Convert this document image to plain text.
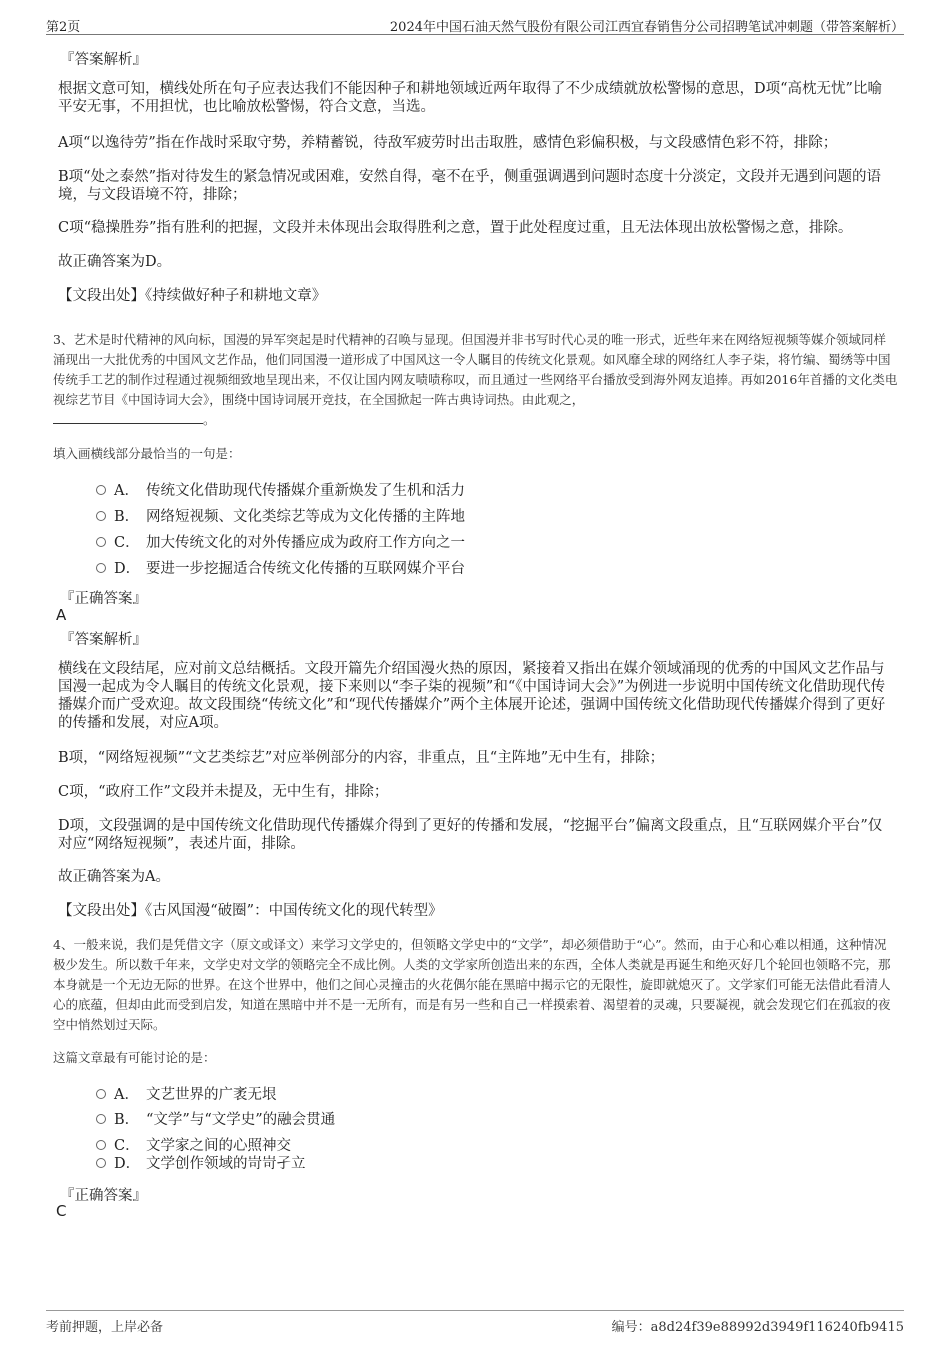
第2页	2024年中国石油天然气股份有限公司江西宜春销售分公司招聘笔试冲刺题（带答案解析）
『答案解析』
根据文意可知，横线处所在句子应表达我们不能因种子和耕地领域近两年取得了不少成绩就放松警惕的意思，D项“高枕无忧”比喻平安无事，不用担忧，也比喻放松警惕，符合文意，当选。
A项“以逸待劳”指在作战时采取守势，养精蓄锐，待敌军疲劳时出击取胜，感情色彩偏积极，与文段感情色彩不符，排除；
B项“处之泰然”指对待发生的紧急情况或困难，安然自得，毫不在乎，侧重强调遇到问题时态度十分淡定，文段并无遇到问题的语境，与文段语境不符，排除；
C项“稳操胜券”指有胜利的把握，文段并未体现出会取得胜利之意，置于此处程度过重，且无法体现出放松警惕之意，排除。
故正确答案为D。
【文段出处】《持续做好种子和耕地文章》
3、艺术是时代精神的风向标，国漫的异军突起是时代精神的召唤与显现。但国漫并非书写时代心灵的唯一形式，近些年来在网络短视频等媒介领域同样涌现出一大批优秀的中国风文艺作品，他们同国漫一道形成了中国风这一令人瞩目的传统文化景观。如风靡全球的网络红人李子柒，将竹编、蜀绣等中国传统手工艺的制作过程通过视频细致地呈现出来，不仅让国内网友啧啧称叹，而且通过一些网络平台播放受到海外网友追捧。再如2016年首播的文化类电视综艺节目《中国诗词大会》，围绕中国诗词展开竞技，在全国掀起一阵古典诗词热。由此观之，
。
填入画横线部分最恰当的一句是：
A． 传统文化借助现代传播媒介重新焕发了生机和活力
B． 网络短视频、文化类综艺等成为文化传播的主阵地
C． 加大传统文化的对外传播应成为政府工作方向之一
D． 要进一步挖掘适合传统文化传播的互联网媒介平台
『正确答案』
A
『答案解析』
横线在文段结尾，应对前文总结概括。文段开篇先介绍国漫火热的原因，紧接着又指出在媒介领域涌现的优秀的中国风文艺作品与国漫一起成为令人瞩目的传统文化景观，接下来则以“李子柒的视频”和“《中国诗词大会》”为例进一步说明中国传统文化借助现代传播媒介而广受欢迎。故文段围绕“传统文化”和“现代传播媒介”两个主体展开论述，强调中国传统文化借助现代传播媒介得到了更好的传播和发展，对应A项。
B项，“网络短视频”“文艺类综艺”对应举例部分的内容，非重点，且“主阵地”无中生有，排除；
C项，“政府工作”文段并未提及，无中生有，排除；
D项，文段强调的是中国传统文化借助现代传播媒介得到了更好的传播和发展，“挖掘平台”偏离文段重点，且“互联网媒介平台”仅对应“网络短视频”，表述片面，排除。
故正确答案为A。
【文段出处】《古风国漫“破圈”：中国传统文化的现代转型》
4、一般来说，我们是凭借文字（原文或译文）来学习文学史的，但领略文学史中的“文学”，却必须借助于“心”。然而，由于心和心难以相通，这种情况极少发生。所以数千年来，文学史对文学的领略完全不成比例。人类的文学家所创造出来的东西，全体人类就是再诞生和绝灭好几个轮回也领略不完，那本身就是一个无边无际的世界。在这个世界中，他们之间心灵撞击的火花偶尔能在黑暗中揭示它的无限性，旋即就熄灭了。文学家们可能无法借此看清人心的底蕴，但却由此而受到启发，知道在黑暗中并不是一无所有，而是有另一些和自己一样摸索着、渴望着的灵魂，只要凝视，就会发现它们在孤寂的夜空中悄然划过天际。
这篇文章最有可能讨论的是：
A． 文艺世界的广袤无垠
B． “文学”与“文学史”的融会贯通
C． 文学家之间的心照神交
D． 文学创作领域的岢岢孑立
『正确答案』
C
考前押题，上岸必备	编号：a8d24f39e88992d3949f116240fb9415
